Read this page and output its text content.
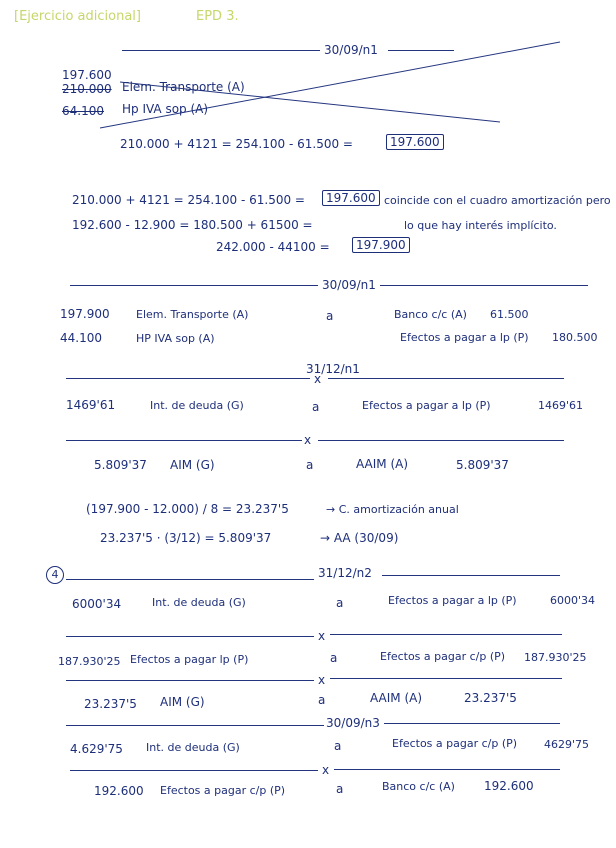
[Ejercicio adicional]	EPD 3.
30/09/n1
197.600
210.000 Elem. Transporte (A)
64.100 Hp IVA sop (A)
210.000 + 4121 = 254.100 - 61.500 =	197.600
210.000 + 4121 = 254.100 - 61.500 =	197.600 coincide con el cuadro amortización pero
192.600 - 12.900 = 180.500 + 61500 =	lo que hay interés implícito.
242.000 - 44100 =	197.900
30/09/n1
197.900 Elem. Transporte (A)	a	Banco c/c (A) 61.500
44.100	HP IVA sop (A)	Efectos a pagar a lp (P) 180.500
31/12/n1
x
1469'61	Int. de deuda (G)	a	Efectos a pagar a lp (P)	1469'61
x
5.809'37 AIM (G)	a	AAIM (A)	5.809'37
(197.900 - 12.000) / 8 = 23.237'5	→ C. amortización anual
23.237'5 · (3/12) = 5.809'37	→ AA (30/09)
4	31/12/n2
6000'34	Int. de deuda (G)	a	Efectos a pagar a lp (P)	6000'34
x
187.930'25 Efectos a pagar lp (P)	a	Efectos a pagar c/p (P) 187.930'25
x
23.237'5 AIM (G)	a	AAIM (A)	23.237'5
30/09/n3
4.629'75 Int. de deuda (G)	a	Efectos a pagar c/p (P) 4629'75
x
192.600 Efectos a pagar c/p (P)	a	Banco c/c (A) 192.600
